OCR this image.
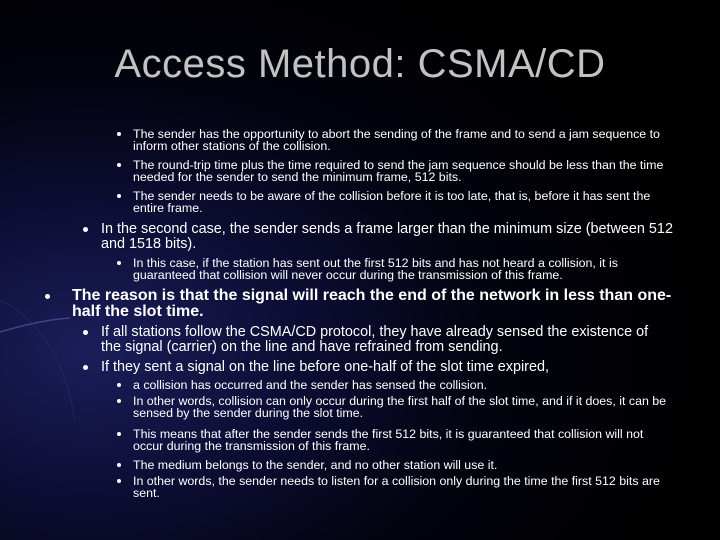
Access Method: CSMA/CD
The sender has the opportunity to abort the sending of the frame and to send a jam sequence to inform other stations of the collision.
The round-trip time plus the time required to send the jam sequence should be less than the time needed for the sender to send the minimum frame, 512 bits.
The sender needs to be aware of the collision before it is too late, that is, before it has sent the entire frame.
In the second case, the sender sends a frame larger than the minimum size (between 512 and 1518 bits).
In this case, if the station has sent out the first 512 bits and has not heard a collision, it is guaranteed that collision will never occur during the transmission of this frame.
The reason is that the signal will reach the end of the network in less than one-half the slot time.
If all stations follow the CSMA/CD protocol, they have already sensed the existence of the signal (carrier) on the line and have refrained from sending.
If they sent a signal on the line before one-half of the slot time expired,
a collision has occurred and the sender has sensed the collision.
In other words, collision can only occur during the first half of the slot time, and if it does, it can be sensed by the sender during the slot time.
This means that after the sender sends the first 512 bits, it is guaranteed that collision will not occur during the transmission of this frame.
The medium belongs to the sender, and no other station will use it.
In other words, the sender needs to listen for a collision only during the time the first 512 bits are sent.
